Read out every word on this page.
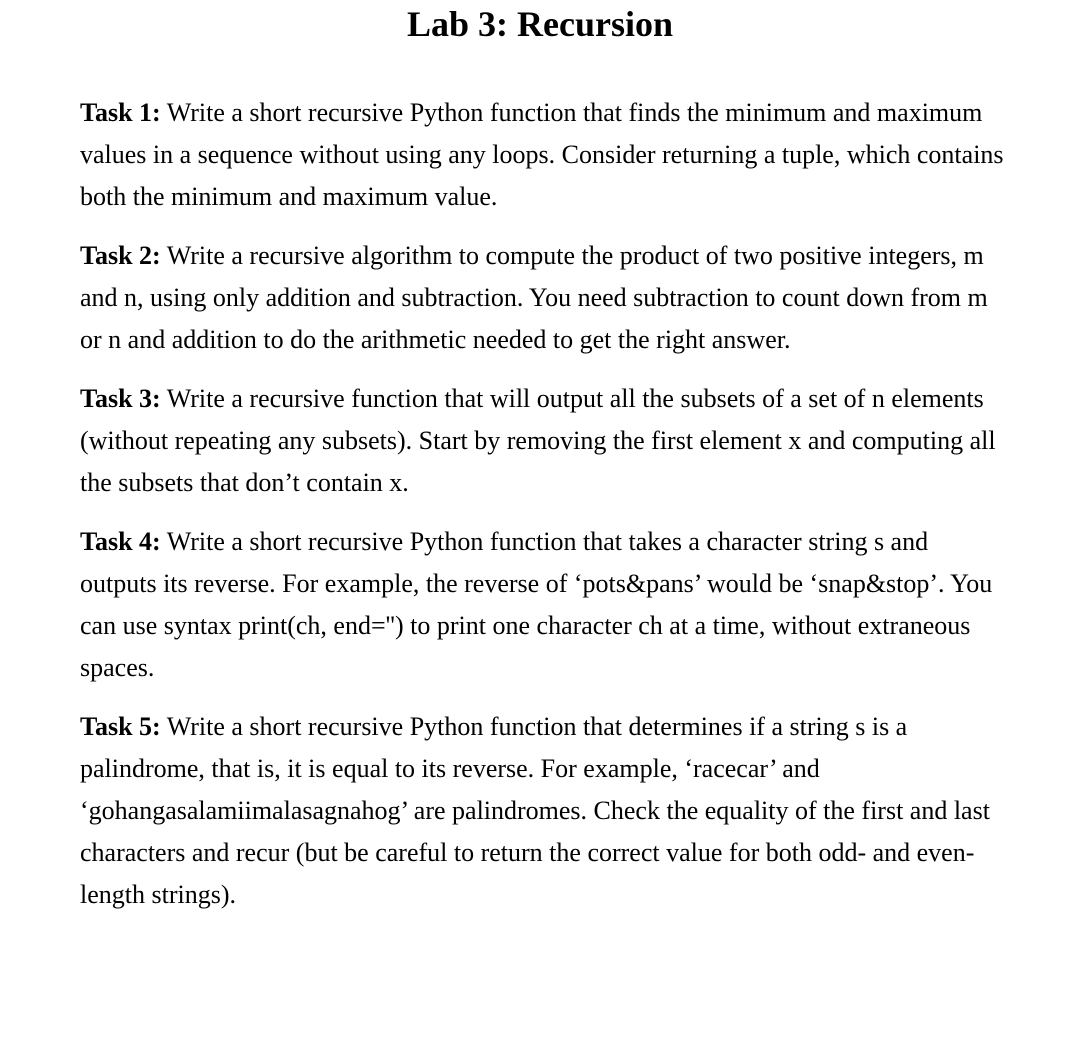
Lab 3: Recursion

Task 1: Write a short recursive Python function that finds the minimum and maximum values in a sequence without using any loops. Consider returning a tuple, which contains both the minimum and maximum value.

Task 2: Write a recursive algorithm to compute the product of two positive integers, m and n, using only addition and subtraction. You need subtraction to count down from m or n and addition to do the arithmetic needed to get the right answer.

Task 3: Write a recursive function that will output all the subsets of a set of n elements (without repeating any subsets). Start by removing the first element x and computing all the subsets that don’t contain x.

Task 4: Write a short recursive Python function that takes a character string s and outputs its reverse. For example, the reverse of ‘pots&pans’ would be ‘snap&stop’. You can use syntax print(ch, end='') to print one character ch at a time, without extraneous spaces.

Task 5: Write a short recursive Python function that determines if a string s is a palindrome, that is, it is equal to its reverse. For example, ‘racecar’ and ‘gohangasalamiimalasagnahog’ are palindromes. Check the equality of the first and last characters and recur (but be careful to return the correct value for both odd- and even-length strings).
